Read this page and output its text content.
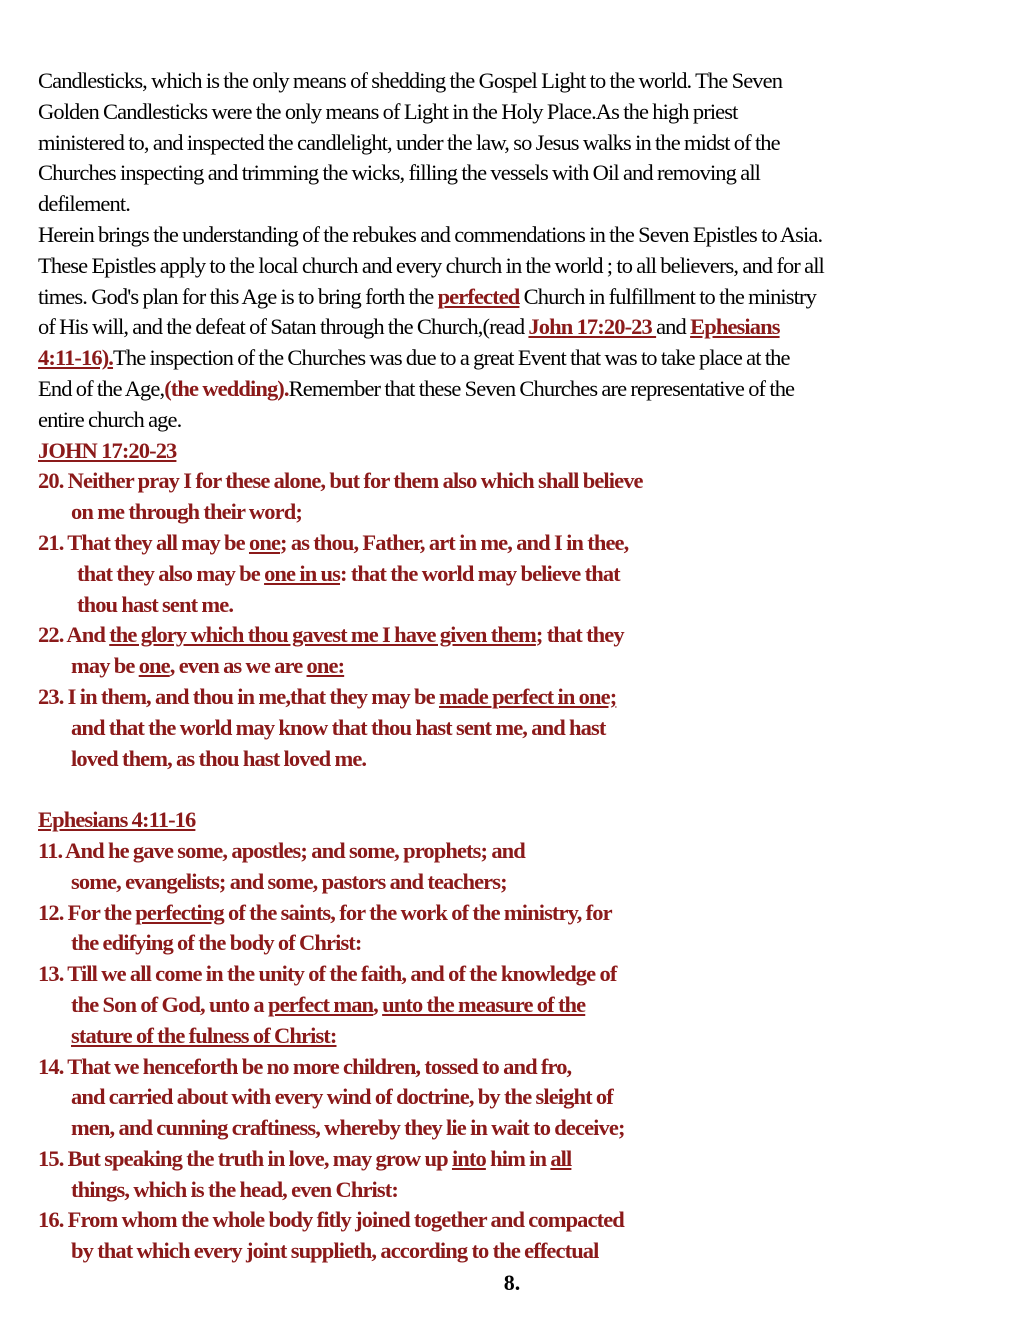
Candlesticks, which is the only means of shedding the Gospel Light to the world. The Seven
Golden Candlesticks were the only means of Light in the Holy Place.As the high priest
ministered to, and inspected the candlelight, under the law, so Jesus walks in the midst of the
Churches inspecting and trimming the wicks, filling the vessels with Oil and removing all
defilement.
Herein brings the understanding of the rebukes and commendations in the Seven Epistles to Asia.
These Epistles apply to the local church and every church in the world ; to all believers, and for all
times. God's plan for this Age is to bring forth the perfected Church in fulfillment to the ministry
of His will, and the defeat of Satan through the Church,(read John 17:20-23 and Ephesians
4:11-16).The inspection of the Churches was due to a great Event that was to take place at the
End of the Age,(the wedding).Remember that these Seven Churches are representative of the
entire church age.
JOHN 17:20-23
20. Neither pray I for these alone, but for them also which shall believe
on me through their word;
21. That they all may be one; as thou, Father, art in me, and I in thee,
that they also may be one in us: that the world may believe that
thou hast sent me.
22. And the glory which thou gavest me I have given them; that they
may be one, even as we are one:
23. I in them, and thou in me,that they may be made perfect in one;
and that the world may know that thou hast sent me, and hast
loved them, as thou hast loved me.
Ephesians 4:11-16
11. And he gave some, apostles; and some, prophets; and
some, evangelists; and some, pastors and teachers;
12. For the perfecting of the saints, for the work of the ministry, for
the edifying of the body of Christ:
13. Till we all come in the unity of the faith, and of the knowledge of
the Son of God, unto a perfect man, unto the measure of the
stature of the fulness of Christ:
14. That we henceforth be no more children, tossed to and fro,
and carried about with every wind of doctrine, by the sleight of
men, and cunning craftiness, whereby they lie in wait to deceive;
15. But speaking the truth in love, may grow up into him in all
things, which is the head, even Christ:
16. From whom the whole body fitly joined together and compacted
by that which every joint supplieth, according to the effectual
8.
